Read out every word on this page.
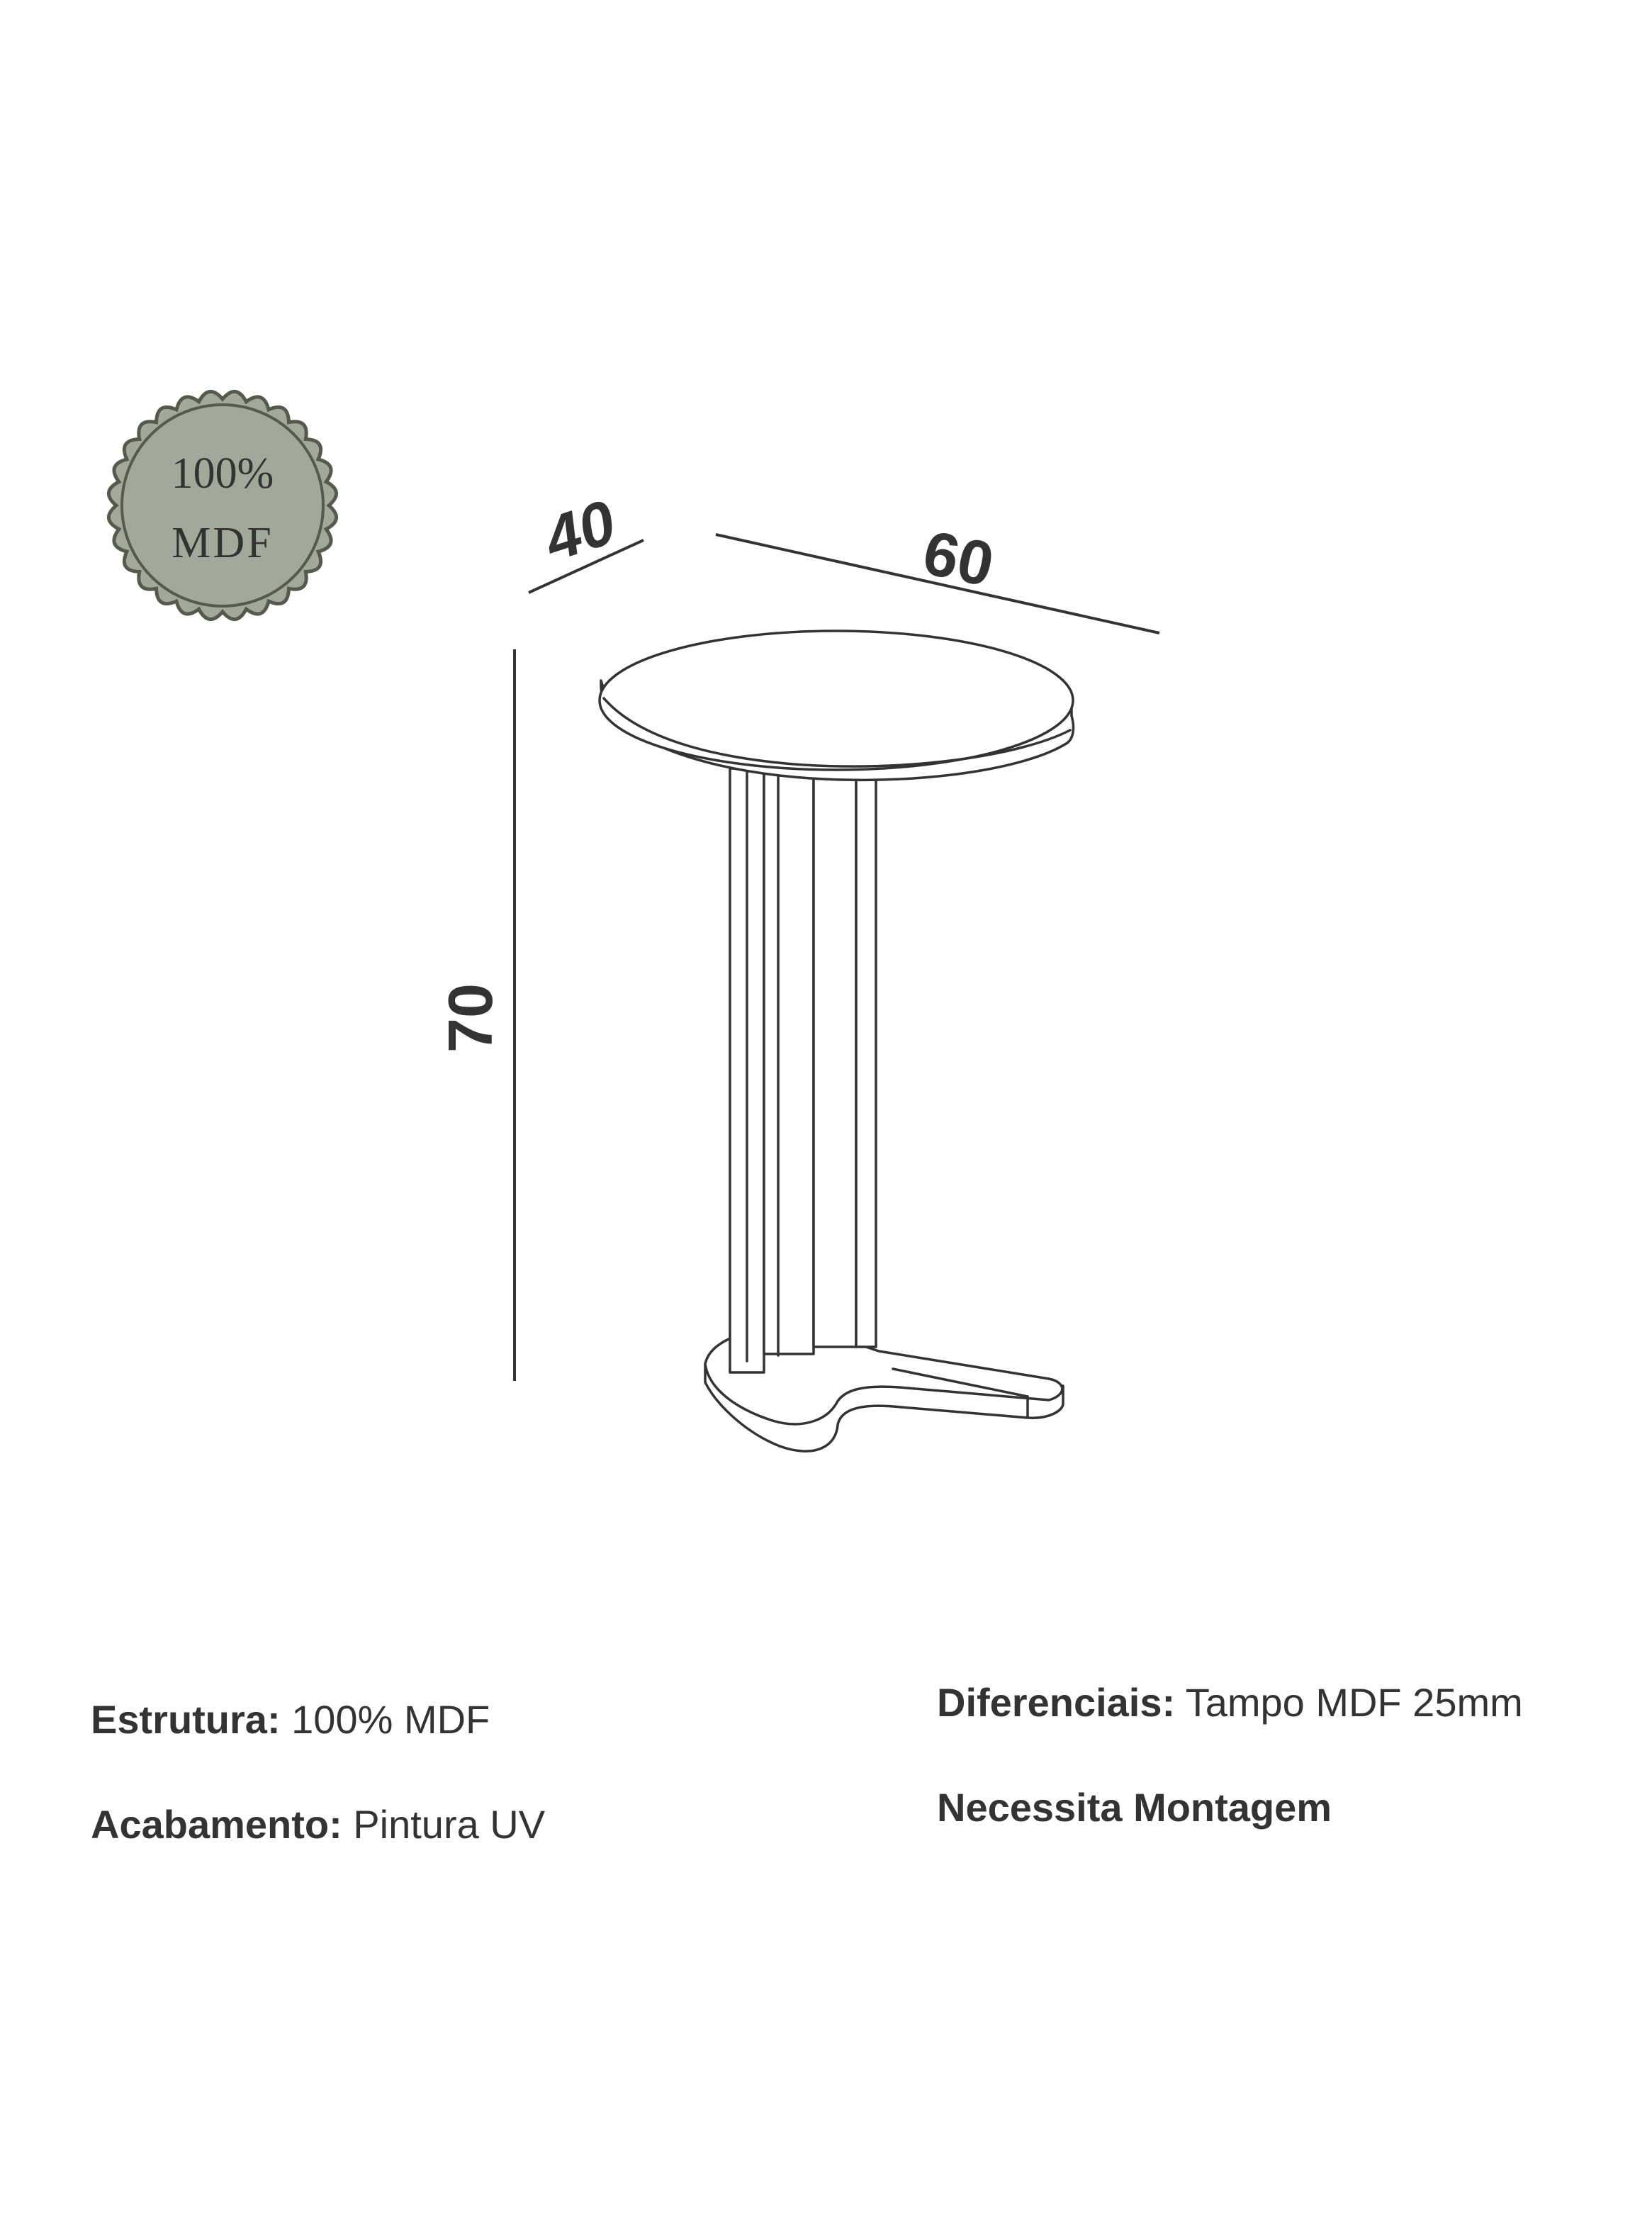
100%
MDF	40	60
70
Estrutura: 100% MDF
Acabamento: Pintura UV
Diferenciais: Tampo MDF 25mm
Necessita Montagem
